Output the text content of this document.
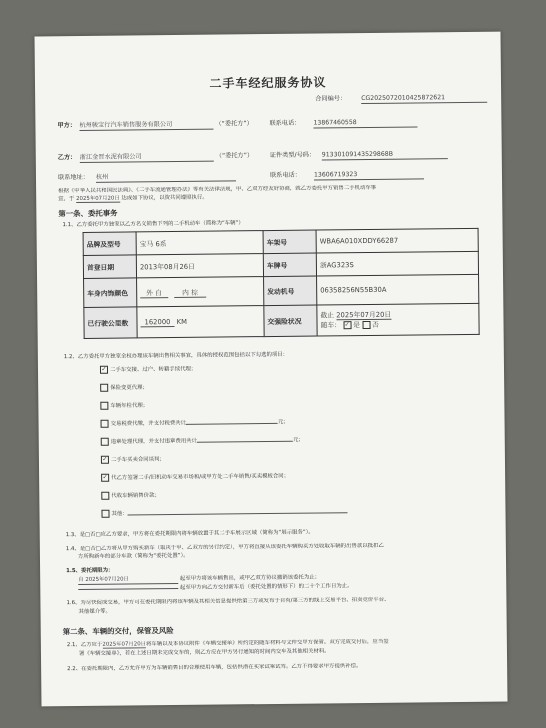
二手车经纪服务协议
合同编号： CG2025072010425872621
甲方： 杭州骏宝行汽车销售服务有限公司	（“委托方”）	联系电话： 13867460558
乙方： 浙江金晋水泥有限公司	（“委托方”）	证件类型/号码： 91330109143529868B
联系地址： 杭州	联系电话： 13606719323
根据《中华人民共和国民法典》、《二手车流通管理办法》等有关法律法规，甲、乙双方经友好协商，就乙方委托甲方销售二手机动车事
宜，于 2025年07月20日 达成如下协议，以资共同遵照执行。
第一条、委托事务
1.1、乙方委托甲方独家以乙方名义销售下列的二手机动车（简称为“车辆”）
品牌及型号	宝马 6系	车架号	WBA6A010XDDY66287
首登日期	2013年08月26日	车牌号	浙AG323S
车身内饰颜色	外 白 内 棕	发动机号	06358256N55B30A
已行驶公里数	162000 KM	交强险状况	截止 2025年07月20日
随车： ✓ 是 否
1.2、乙方委托甲方独家全权办理该车辆出售相关事宜，具体的授权范围包括以下勾选的项目：
✓ 二手车交接、过户、转籍手续代理；
保险变更代理；
车辆年检代理；
交易税费代缴，并支付税费共计	元；
违章处理代理，并支付违章费用共计	元；
✓ 二手车买卖合同谈判；
✓ 代乙方签署二手/旧机动车交易市场和/或甲方处二手车销售/买卖模板合同；
代收车辆销售价款；
其他：
1.3、是□否□应乙方要求，甲方将在委托期限内将车辆放置于其二手车展示区域（简称为“展示服务”）。
1.4、是□否□乙方将从甲方购买新车（取决于甲、乙双方的另行约定），甲方将直接从该委托车辆购买方处收取车辆的出售款以抵扣乙
方所购新车的部分车款（简称为“委托处置”）。
1.5、委托期限为：
自 2025年07月20日	起至甲方将该车辆售出，或甲乙双方协议撤销该委托为止；
起至甲方向乙方交付新车后（委托处置的情形下）的二十个工作日为止。
1.6、为尽快促成交易，甲方可在委托期限内将该车辆及其相关信息提供给第三方或发布于自有/第三方的线上交易平台、拍卖竞价平台、
其他媒介等。
第二条、车辆的交付，保管及风险
2.1、乙方应于2025年07月20日将车辆以及本协议附件《车辆交接单》所约定的随车材料与文件交甲方保管。双方完成交付后，应当签
署《车辆交接单》，若在上述日期未完成交车的，则乙方应在甲方另行通知的时间内交车及其他相关材料。
2.2、在委托期限内，乙方允许甲方为车辆销售目的合理使用车辆，包括供潜在买家试乘试驾。乙方不得要求甲方提供补偿。
